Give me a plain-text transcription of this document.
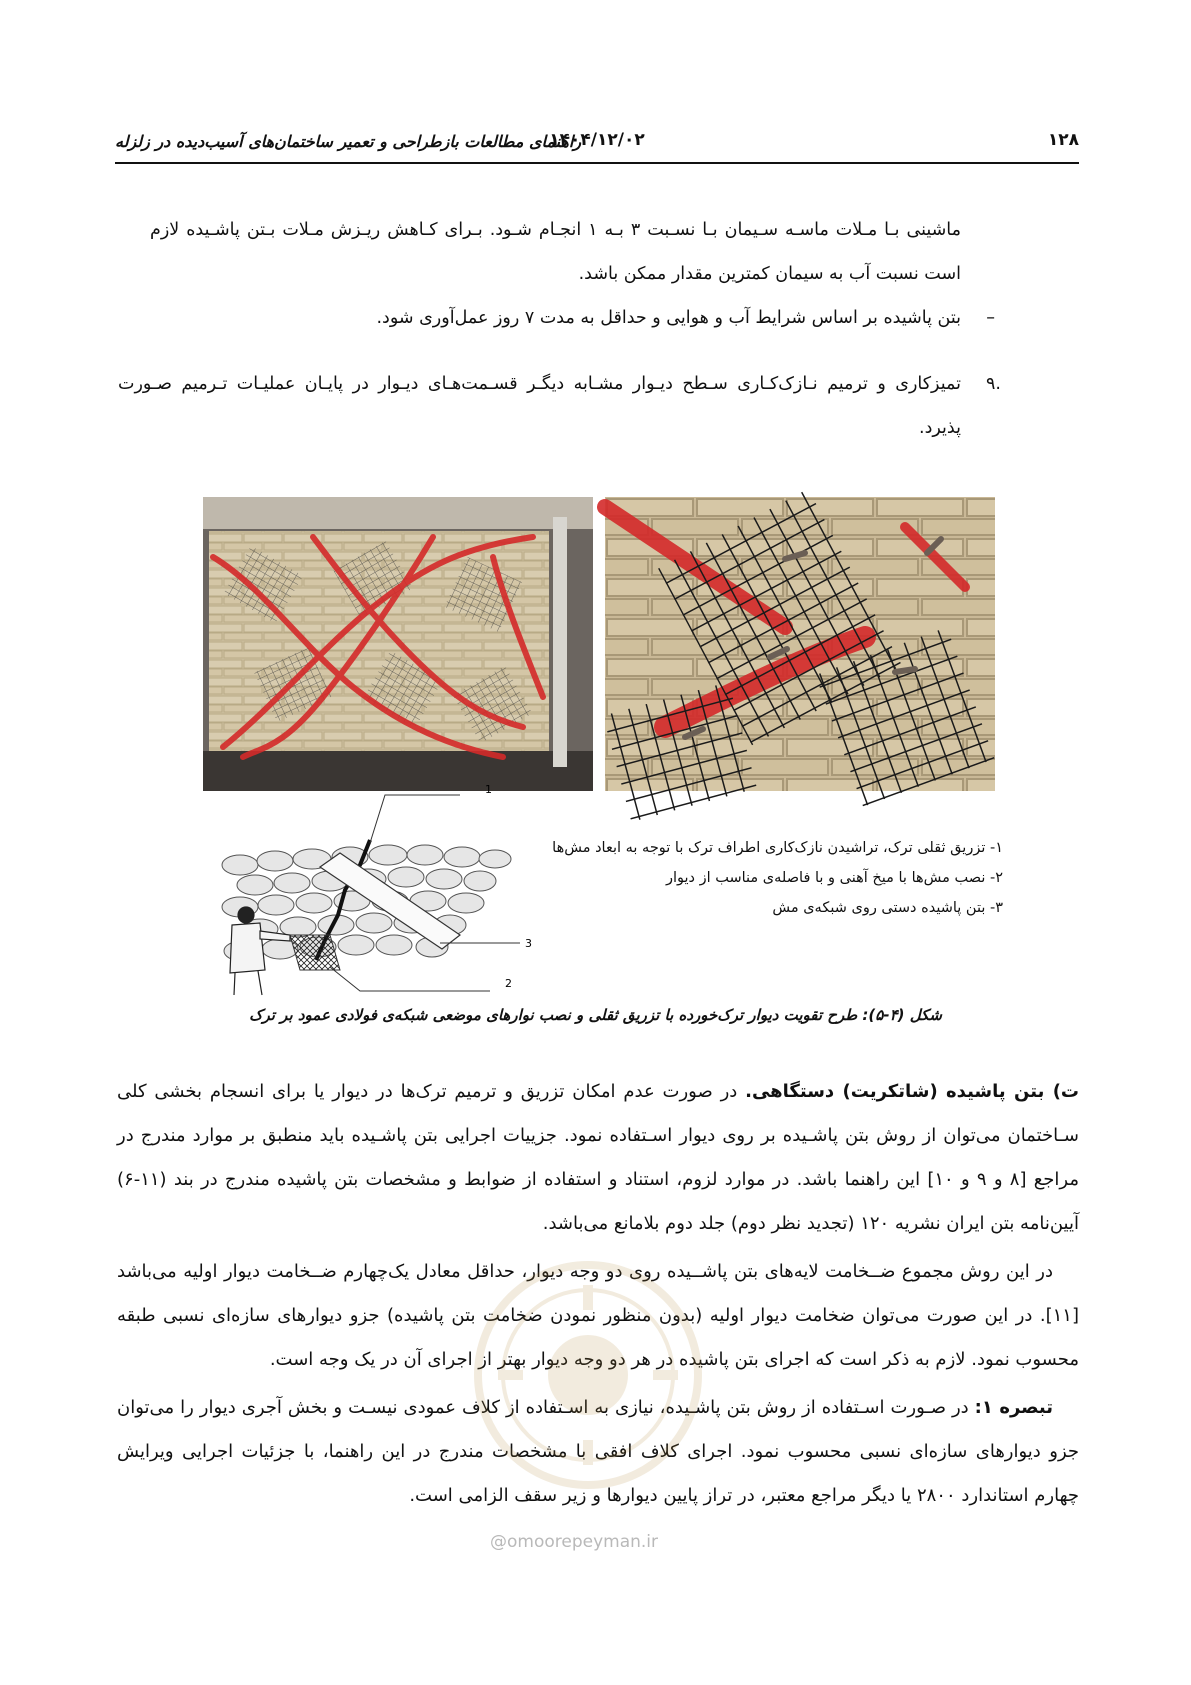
۱۲۸
۱۴۰۴/۱۲/۰۲
راهنمای مطالعات بازطراحی و تعمیر ساختمان‌های آسیب‌دیده در زلزله

ماشینی بـا مـلات ماسـه سـیمان بـا نسـبت ۳ بـه ۱ انجـام شـود. بـرای کـاهش ریـزش مـلات بـتن پاشـیده لازم

است نسبت آب به سیمان کمترین مقدار ممکن باشد.

–

بتن پاشیده بر اساس شرایط آب و هوایی و حداقل به مدت ۷ روز عمل‌آوری شود.

.۹

تمیزکاری و ترمیم نـازک‌کـاری سـطح دیـوار مشـابه دیگـر قسـمت‌هـای دیـوار در پایـان عملیـات تـرمیم صـورت

پذیرد.

1
3
2
۱- تزریق ثقلی ترک، تراشیدن نازک‌کاری اطراف ترک با توجه به ابعاد مش‌ها
۲- نصب مش‌ها با میخ آهنی و با فاصله‌ی مناسب از دیوار
۳- بتن پاشیده دستی روی شبکه‌ی مش
شکل (۴-۵): طرح تقویت دیوار ترک‌خورده با تزریق ثقلی و نصب نوارهای موضعی شبکه‌ی فولادی عمود بر ترک

ت) بتن پاشیده (شاتکریت) دستگاهی. در صورت عدم امکان تزریق و ترمیم ترک‌ها در دیوار یا برای انسجام بخشی کلی سـاختمان می‌توان از روش بتن پاشـیده بر روی دیوار اسـتفاده نمود. جزییات اجرایی بتن پاشـیده باید منطبق بر موارد مندرج در مراجع [۸ و ۹ و ۱۰] این راهنما باشد. در موارد لزوم، استناد و استفاده از ضوابط و مشخصات بتن پاشیده مندرج در بند (۱۱-۶) آیین‌نامه بتن ایران نشریه ۱۲۰ (تجدید نظر دوم) جلد دوم بلامانع می‌باشد.

در این روش مجموع ضــخامت لایه‌های بتن پاشــیده روی دو وجه دیوار، حداقل معادل یک‌چهارم ضــخامت دیوار اولیه می‌باشد [۱۱]. در این صورت می‌توان ضخامت دیوار اولیه (بدون منظور نمودن ضخامت بتن پاشیده) جزو دیوارهای سازه‌ای نسبی طبقه محسوب نمود. لازم به ذکر است که اجرای بتن پاشیده در هر دو وجه دیوار بهتر از اجرای آن در یک وجه است.

تبصره ۱: در صـورت اسـتفاده از روش بتن پاشـیده، نیازی به اسـتفاده از کلاف عمودی نیسـت و بخش آجری دیوار را می‌توان جزو دیوارهای سازه‌ای نسبی محسوب نمود. اجرای کلاف افقی با مشخصات مندرج در این راهنما، با جزئیات اجرایی ویرایش چهارم استاندارد ۲۸۰۰ یا دیگر مراجع معتبر، در تراز پایین دیوارها و زیر سقف الزامی است.

@omoorepeyman.ir
